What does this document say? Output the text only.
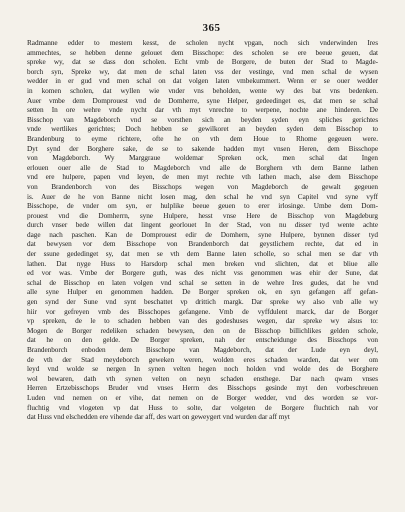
365
Radmanne edder to mestern kesst, de scholen nycht vpgan, noch sich vnderwinden Ires
ammechtes, se hebben denne gelouet dem Bisschope: des scholen se ere beeue geuen, dat
spreke wy, dat se dass don scholen. Echt vmb de Borgere, de buten der Stad to Magde-
borch syn, Spreke wy, dat men de schal laten vss der vestinge, vnd men schal de wysen
wedder in er gud vnd men schal on dat volgen laten vmbekummert. Wenn er se ouer wedder
in komen scholen, dat wyllen wie vnder vns beholden, wente wy des bat vns bedenken.
Auer vmbe dem Domprouest vnd de Domherre, syne Helper, gedeedinget es, dat men se schal
setten In ore wehre vnde nycht dar vth myt vnrechte to werpene, nochte ane hinderen. De
Bisschop van Magdeborch vnd se vorsthen sich an beyden syden eyn spliches gerichtes
vnde wertlikes gerichtes; Doch hebben se gewilkoret an beyden syden dem Bisschop to
Brandenburg to eyme richtere, ofte he on vth dem Houe to Rhome gegeuen were.
Dyt synd der Borghere sake, de se to sakende hadden myt vnsen Heren, dem Bisschope
von Magdeborch. Wy Marggraue woldemar Spreken ock, men schal dat Ingen
erlouen ouer alle de Stad to Magdeborch vnd alle de Borghern vth dem Banne lathen
vnd ere hulpere, papen vnd leyen, de men myt rechte vth lathen mach, alse dem Bisschope
von Brandenborch von des Bisschops wegen von Magdeborch de gewalt gegeuen
is. Auer de he von Banne nicht losen mag, den schal he vnd syn Capitel vnd syne vyff
Bisschope, de vnder om syn, er hulplike beeue geuen to erer irlosinge. Umbe dem Dom-
prouest vnd die Domherrn, syne Hulpere, hesst vnse Here de Bisschop von Magdeburg
durch vnser bede willen dat lingent georlouet In der Stad, von nu disser tyd wente achte
dage nach paschen. Kan de Domprouest edir de Domhern, syne Hulpere, bynnen disser tyd
dat bewysen vor dem Bisschope von Brandenborch dat geystlichem rechte, dat ed in
der ssune gededinget sy, dat men se vth dem Banne laten scholle, so schal men se dar vth
lathen. Dat nyge Huss to Harsdorp schal men breken vnd slichten, dat et bliue alle
ed vor was. Vmbe der Borgere guth, was des nicht vss genommen was ehir der Sune, dat
schal de Bisschop en laten volgen vnd schal se setten in de wehre Ires gudes, dat he vnd
alle syne Hulper en genommen hadden. De Borger spreken ok, en syn gefangen aff gefan-
gen synd der Sune vnd synt beschattet vp drittich margk. Dar spreke wy also vnb alle wy
hiir vor gefreyen vmb des Bisschopes gefangene. Vmb de vyffdulent marck, dar de Borger
vp spreken, de le to schaden hebben van des godeshuses wegen, dar spreke wy alsus to:
Mogen de Borger redeliken schaden bewysen, den on de Bisschop billichlikes gelden schole,
dat he on den gelde. De Borger spreken, nah der entscheidunge des Bisschops von
Brandenborch enboden dem Bisschope van Magdeborch, dat der Lude eyn deyl,
de vth der Stad meydeborch geweken weren, wolden eres schaden warden, dat wer om
leyd vnd wolde se nergen In synen velten hegen noch holden vnd wolde des de Borghere
wol bewaren, dath vth synen velten on neyn schaden ensthege. Dar nach qwam vnses
Herren Ertzebisschops Bruder vnd vnses Herrn des Bisschops gesinde myt den vorbeschreuen
Luden vnd nemen on er vihe, dat nemen on de Borger wedder, vnd des worden se vor-
fluchtig vnd vlogeten vp dat Huss to solte, dar volgeten de Borgere fluchtich nah vor
dat Huss vnd elschedden ere vihende dar aff, des wart on geweygert vnd wurden dar aff myt
